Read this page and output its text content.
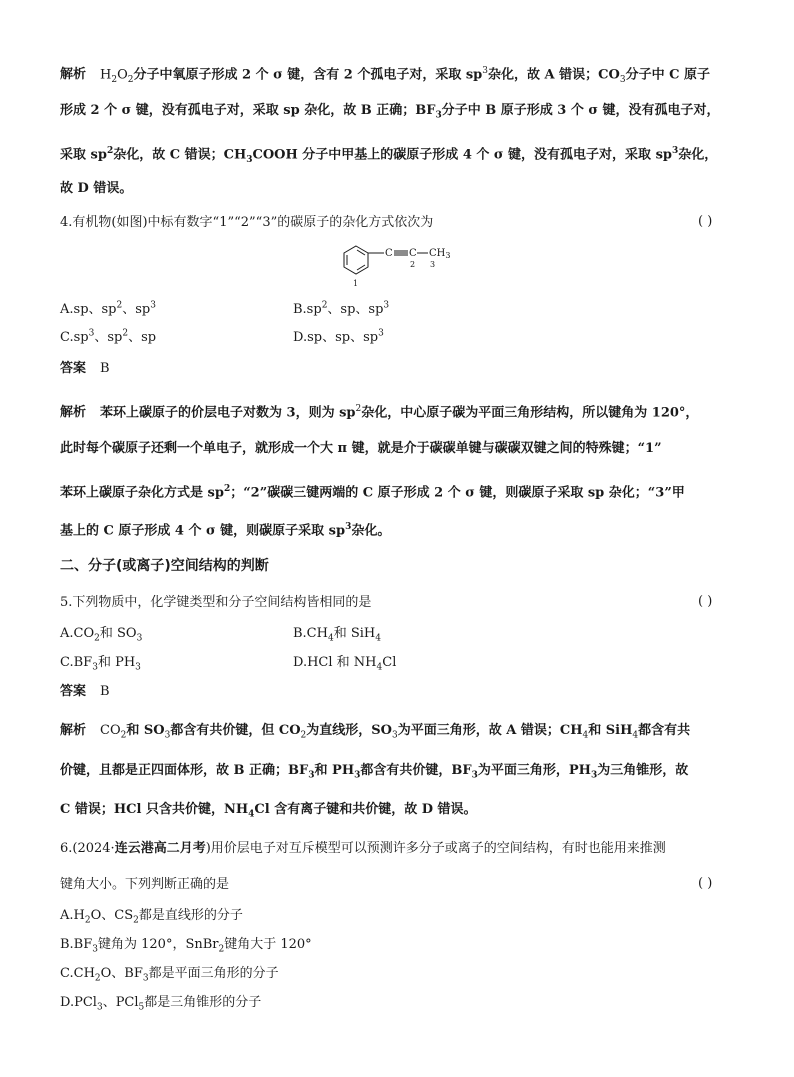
解析 $H_2O_2$分子中氧原子形成 2 个 σ 键，含有 2 个孤电子对，采取 $sp^3$杂化，故 A 错误；$CO_3$分子中 C 原子
形成 2 个 σ 键，没有孤电子对，采取 sp 杂化，故 B 正确；$BF_3$分子中 B 原子形成 3 个 σ 键，没有孤电子对，
采取 $sp^2$杂化，故 C 错误；$CH_3COOH$ 分子中甲基上的碳原子形成 4 个 σ 键，没有孤电子对，采取 $sp^3$杂化，
故 D 错误。
4.有机物(如图)中标有数字“1”“2”“3”的碳原子的杂化方式依次为	( )
C C $CH_3$
1
2 3
A.sp、$sp^2$、$sp^3$	$B.sp^2$、sp、$sp^3$
$C.sp^3$、$sp^2$、sp	D.sp、sp、$sp^3$
答案 B
解析 苯环上碳原子的价层电子对数为 3，则为 $sp^2$杂化，中心原子碳为平面三角形结构，所以键角为 120°，
此时每个碳原子还剩一个单电子，就形成一个大 π 键，就是介于碳碳单键与碳碳双键之间的特殊键；“1”
苯环上碳原子杂化方式是 $sp^2$；“2”碳碳三键两端的 C 原子形成 2 个 σ 键，则碳原子采取 sp 杂化；“3”甲
基上的 C 原子形成 4 个 σ 键，则碳原子采取 $sp^3$杂化。
二、分子(或离子)空间结构的判断
5.下列物质中，化学键类型和分子空间结构皆相同的是	( )
$A.CO_2$和 $SO_3$	$B.CH_4$和 SiH$_4$
$C.BF_3$和 $PH_3$	D.HCl 和 $NH_4Cl$
答案 B
解析 $CO_2$和 $SO_3$都含有共价键，但 $CO_2$为直线形，$SO_3$为平面三角形，故 A 错误；$CH_4$和 SiH$_4$都含有共
价键，且都是正四面体形，故 B 正确；$BF_3$和 $PH_3$都含有共价键，$BF_3$为平面三角形，$PH_3$为三角锥形，故
C 错误；HCl 只含共价键，$NH_4Cl$ 含有离子键和共价键，故 D 错误。
6.(2024·连云港高二月考)用价层电子对互斥模型可以预测许多分子或离子的空间结构，有时也能用来推测
键角大小。下列判断正确的是	( )
$A.H_2O$、$CS_2$都是直线形的分子
$B.BF_3$键角为 120°，SnBr$_2$键角大于 120°
$C.CH_2O$、$BF_3$都是平面三角形的分子
D.PCl$_3$、PCl$_5$都是三角锥形的分子
